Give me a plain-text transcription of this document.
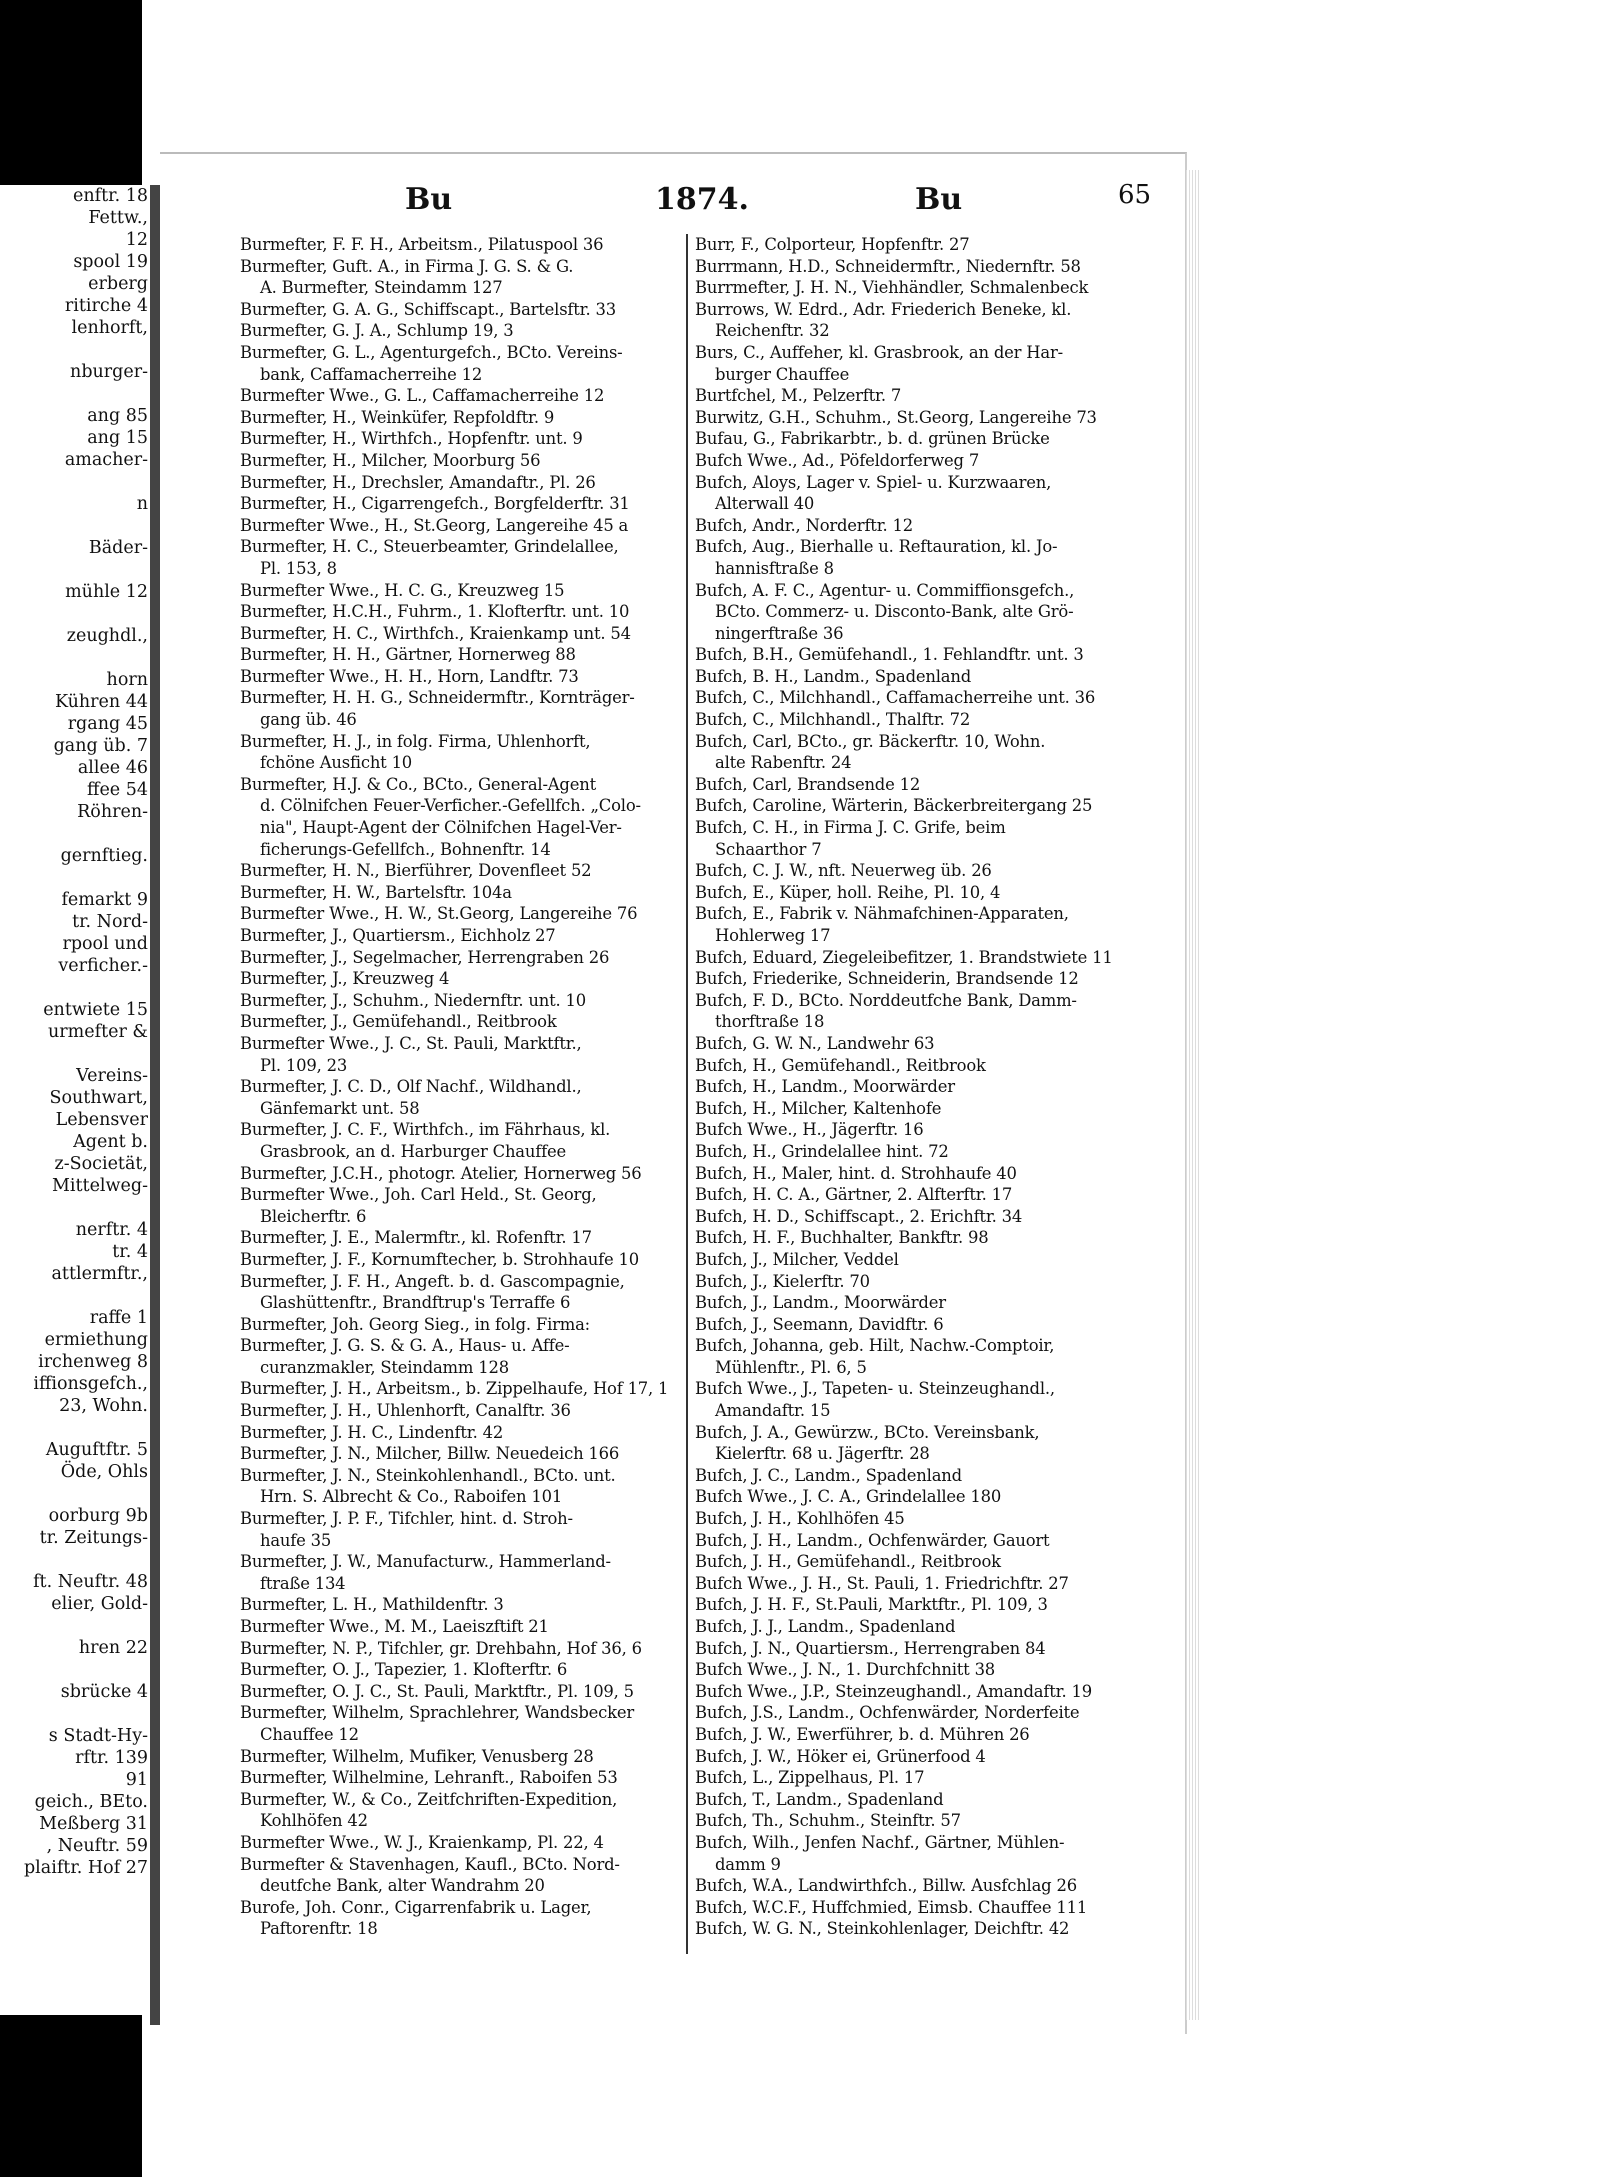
enftr. 18
Fettw.,
12
spool 19
erberg
ritirche 4
lenhorft,
nburger-
ang 85
ang 15
amacher-
n
Bäder-
mühle 12
zeughdl.,
horn
Kühren 44
rgang 45
gang üb. 7
allee 46
ffee 54
Röhren-
gernftieg.
femarkt 9
tr. Nord-
rpool und
verficher.-
entwiete 15
urmefter &
Vereins-
Southwart,
Lebensver
Agent b.
z-Societät,
Mittelweg-
nerftr. 4
tr. 4
attlermftr.,
raffe 1
ermiethung
irchenweg 8
iffionsgefch.,
23, Wohn.
Auguftftr. 5
Öde, Ohls
oorburg 9b
tr. Zeitungs-
ft. Neuftr. 48
elier, Gold-
hren 22
sbrücke 4
s Stadt-Hy-
rftr. 139
91
geich., BEto.
Meßberg 31
, Neuftr. 59
plaiftr. Hof 27
Bu	1874.	Bu	65
Burmefter, F. F. H., Arbeitsm., Pilatuspool 36
Burmefter, Guft. A., in Firma J. G. S. & G.
A. Burmefter, Steindamm 127
Burmefter, G. A. G., Schiffscapt., Bartelsftr. 33
Burmefter, G. J. A., Schlump 19, 3
Burmefter, G. L., Agenturgefch., BCto. Vereins-
bank, Caffamacherreihe 12
Burmefter Wwe., G. L., Caffamacherreihe 12
Burmefter, H., Weinküfer, Repfoldftr. 9
Burmefter, H., Wirthfch., Hopfenftr. unt. 9
Burmefter, H., Milcher, Moorburg 56
Burmefter, H., Drechsler, Amandaftr., Pl. 26
Burmefter, H., Cigarrengefch., Borgfelderftr. 31
Burmefter Wwe., H., St.Georg, Langereihe 45 a
Burmefter, H. C., Steuerbeamter, Grindelallee,
Pl. 153, 8
Burmefter Wwe., H. C. G., Kreuzweg 15
Burmefter, H.C.H., Fuhrm., 1. Klofterftr. unt. 10
Burmefter, H. C., Wirthfch., Kraienkamp unt. 54
Burmefter, H. H., Gärtner, Hornerweg 88
Burmefter Wwe., H. H., Horn, Landftr. 73
Burmefter, H. H. G., Schneidermftr., Kornträger-
gang üb. 46
Burmefter, H. J., in folg. Firma, Uhlenhorft,
fchöne Ausficht 10
Burmefter, H.J. & Co., BCto., General-Agent
d. Cölnifchen Feuer-Verficher.-Gefellfch. „Colo-
nia", Haupt-Agent der Cölnifchen Hagel-Ver-
ficherungs-Gefellfch., Bohnenftr. 14
Burmefter, H. N., Bierführer, Dovenfleet 52
Burmefter, H. W., Bartelsftr. 104a
Burmefter Wwe., H. W., St.Georg, Langereihe 76
Burmefter, J., Quartiersm., Eichholz 27
Burmefter, J., Segelmacher, Herrengraben 26
Burmefter, J., Kreuzweg 4
Burmefter, J., Schuhm., Niedernftr. unt. 10
Burmefter, J., Gemüfehandl., Reitbrook
Burmefter Wwe., J. C., St. Pauli, Marktftr.,
Pl. 109, 23
Burmefter, J. C. D., Olf Nachf., Wildhandl.,
Gänfemarkt unt. 58
Burmefter, J. C. F., Wirthfch., im Fährhaus, kl.
Grasbrook, an d. Harburger Chauffee
Burmefter, J.C.H., photogr. Atelier, Hornerweg 56
Burmefter Wwe., Joh. Carl Held., St. Georg,
Bleicherftr. 6
Burmefter, J. E., Malermftr., kl. Rofenftr. 17
Burmefter, J. F., Kornumftecher, b. Strohhaufe 10
Burmefter, J. F. H., Angeft. b. d. Gascompagnie,
Glashüttenftr., Brandftrup's Terraffe 6
Burmefter, Joh. Georg Sieg., in folg. Firma:
Burmefter, J. G. S. & G. A., Haus- u. Affe-
curanzmakler, Steindamm 128
Burmefter, J. H., Arbeitsm., b. Zippelhaufe, Hof 17, 1
Burmefter, J. H., Uhlenhorft, Canalftr. 36
Burmefter, J. H. C., Lindenftr. 42
Burmefter, J. N., Milcher, Billw. Neuedeich 166
Burmefter, J. N., Steinkohlenhandl., BCto. unt.
Hrn. S. Albrecht & Co., Raboifen 101
Burmefter, J. P. F., Tifchler, hint. d. Stroh-
haufe 35
Burmefter, J. W., Manufacturw., Hammerland-
ftraße 134
Burmefter, L. H., Mathildenftr. 3
Burmefter Wwe., M. M., Laeiszftift 21
Burmefter, N. P., Tifchler, gr. Drehbahn, Hof 36, 6
Burmefter, O. J., Tapezier, 1. Klofterftr. 6
Burmefter, O. J. C., St. Pauli, Marktftr., Pl. 109, 5
Burmefter, Wilhelm, Sprachlehrer, Wandsbecker
Chauffee 12
Burmefter, Wilhelm, Mufiker, Venusberg 28
Burmefter, Wilhelmine, Lehranft., Raboifen 53
Burmefter, W., & Co., Zeitfchriften-Expedition,
Kohlhöfen 42
Burmefter Wwe., W. J., Kraienkamp, Pl. 22, 4
Burmefter & Stavenhagen, Kaufl., BCto. Nord-
deutfche Bank, alter Wandrahm 20
Burofe, Joh. Conr., Cigarrenfabrik u. Lager,
Paftorenftr. 18
Burr, F., Colporteur, Hopfenftr. 27
Burrmann, H.D., Schneidermftr., Niedernftr. 58
Burrmefter, J. H. N., Viehhändler, Schmalenbeck
Burrows, W. Edrd., Adr. Friederich Beneke, kl.
Reichenftr. 32
Burs, C., Auffeher, kl. Grasbrook, an der Har-
burger Chauffee
Burtfchel, M., Pelzerftr. 7
Burwitz, G.H., Schuhm., St.Georg, Langereihe 73
Bufau, G., Fabrikarbtr., b. d. grünen Brücke
Bufch Wwe., Ad., Pöfeldorferweg 7
Bufch, Aloys, Lager v. Spiel- u. Kurzwaaren,
Alterwall 40
Bufch, Andr., Norderftr. 12
Bufch, Aug., Bierhalle u. Reftauration, kl. Jo-
hannisftraße 8
Bufch, A. F. C., Agentur- u. Commiffionsgefch.,
BCto. Commerz- u. Disconto-Bank, alte Grö-
ningerftraße 36
Bufch, B.H., Gemüfehandl., 1. Fehlandftr. unt. 3
Bufch, B. H., Landm., Spadenland
Bufch, C., Milchhandl., Caffamacherreihe unt. 36
Bufch, C., Milchhandl., Thalftr. 72
Bufch, Carl, BCto., gr. Bäckerftr. 10, Wohn.
alte Rabenftr. 24
Bufch, Carl, Brandsende 12
Bufch, Caroline, Wärterin, Bäckerbreitergang 25
Bufch, C. H., in Firma J. C. Grife, beim
Schaarthor 7
Bufch, C. J. W., nft. Neuerweg üb. 26
Bufch, E., Küper, holl. Reihe, Pl. 10, 4
Bufch, E., Fabrik v. Nähmafchinen-Apparaten,
Hohlerweg 17
Bufch, Eduard, Ziegeleibefitzer, 1. Brandstwiete 11
Bufch, Friederike, Schneiderin, Brandsende 12
Bufch, F. D., BCto. Norddeutfche Bank, Damm-
thorftraße 18
Bufch, G. W. N., Landwehr 63
Bufch, H., Gemüfehandl., Reitbrook
Bufch, H., Landm., Moorwärder
Bufch, H., Milcher, Kaltenhofe
Bufch Wwe., H., Jägerftr. 16
Bufch, H., Grindelallee hint. 72
Bufch, H., Maler, hint. d. Strohhaufe 40
Bufch, H. C. A., Gärtner, 2. Alfterftr. 17
Bufch, H. D., Schiffscapt., 2. Erichftr. 34
Bufch, H. F., Buchhalter, Bankftr. 98
Bufch, J., Milcher, Veddel
Bufch, J., Kielerftr. 70
Bufch, J., Landm., Moorwärder
Bufch, J., Seemann, Davidftr. 6
Bufch, Johanna, geb. Hilt, Nachw.-Comptoir,
Mühlenftr., Pl. 6, 5
Bufch Wwe., J., Tapeten- u. Steinzeughandl.,
Amandaftr. 15
Bufch, J. A., Gewürzw., BCto. Vereinsbank,
Kielerftr. 68 u. Jägerftr. 28
Bufch, J. C., Landm., Spadenland
Bufch Wwe., J. C. A., Grindelallee 180
Bufch, J. H., Kohlhöfen 45
Bufch, J. H., Landm., Ochfenwärder, Gauort
Bufch, J. H., Gemüfehandl., Reitbrook
Bufch Wwe., J. H., St. Pauli, 1. Friedrichftr. 27
Bufch, J. H. F., St.Pauli, Marktftr., Pl. 109, 3
Bufch, J. J., Landm., Spadenland
Bufch, J. N., Quartiersm., Herrengraben 84
Bufch Wwe., J. N., 1. Durchfchnitt 38
Bufch Wwe., J.P., Steinzeughandl., Amandaftr. 19
Bufch, J.S., Landm., Ochfenwärder, Norderfeite
Bufch, J. W., Ewerführer, b. d. Mühren 26
Bufch, J. W., Höker ei, Grünerfood 4
Bufch, L., Zippelhaus, Pl. 17
Bufch, T., Landm., Spadenland
Bufch, Th., Schuhm., Steinftr. 57
Bufch, Wilh., Jenfen Nachf., Gärtner, Mühlen-
damm 9
Bufch, W.A., Landwirthfch., Billw. Ausfchlag 26
Bufch, W.C.F., Huffchmied, Eimsb. Chauffee 111
Bufch, W. G. N., Steinkohlenlager, Deichftr. 42
